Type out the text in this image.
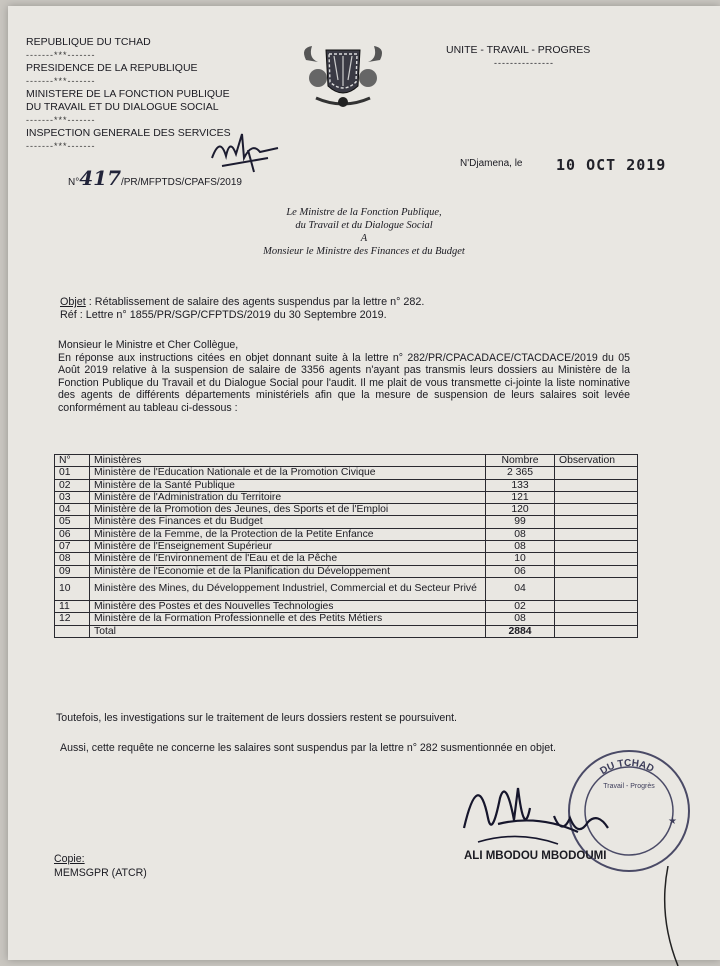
REPUBLIQUE DU TCHAD
-------***-------
PRESIDENCE DE LA REPUBLIQUE
-------***-------
MINISTERE DE LA FONCTION PUBLIQUE
DU TRAVAIL ET DU DIALOGUE SOCIAL
-------***-------
INSPECTION GENERALE DES SERVICES
-------***-------
UNITE - TRAVAIL - PROGRES
---------------
N°417/PR/MFPTDS/CPAFS/2019
N'Djamena, le 10 OCT 2019
Le Ministre de la Fonction Publique,
du Travail et du Dialogue Social
A
Monsieur le Ministre des Finances et du Budget
Objet : Rétablissement de salaire des agents suspendus par la lettre n° 282.
Réf : Lettre n° 1855/PR/SGP/CFPTDS/2019 du 30 Septembre 2019.
Monsieur le Ministre et Cher Collègue,
En réponse aux instructions citées en objet donnant suite à la lettre n° 282/PR/CPACADACE/CTACDACE/2019 du 05 Août 2019 relative à la suspension de salaire de 3356 agents n'ayant pas transmis leurs dossiers au Ministère de la Fonction Publique du Travail et du Dialogue Social pour l'audit. Il me plait de vous transmette ci-jointe la liste nominative des agents de différents départements ministériels afin que la mesure de suspension de leurs salaires soit levée conformément au tableau ci-dessous :
N°	Ministères	Nombre	Observation
01	Ministère de l'Education Nationale et de la Promotion Civique	2 365	
02	Ministère de la Santé Publique	133	
03	Ministère de l'Administration du Territoire	121	
04	Ministère de la Promotion des Jeunes, des Sports et de l'Emploi	120	
05	Ministère des Finances et du Budget	99	
06	Ministère de la Femme, de la Protection de la Petite Enfance	08	
07	Ministère de l'Enseignement Supérieur	08	
08	Ministère de l'Environnement de l'Eau et de la Pêche	10	
09	Ministère de l'Economie et de la Planification du Développement	06	
10	Ministère des Mines, du Développement Industriel, Commercial et du Secteur Privé	04	
11	Ministère des Postes et des Nouvelles Technologies	02	
12	Ministère de la Formation Professionnelle et des Petits Métiers	08	
	Total	2884	
Toutefois, les investigations sur le traitement de leurs dossiers restent se poursuivent.
Aussi, cette requête ne concerne les salaires sont suspendus par la lettre n° 282 susmentionnée en objet.
DU TCHAD
Travail - Progrès
★
ALI MBODOU MBODOUMI
Copie:
MEMSGPR (ATCR)
